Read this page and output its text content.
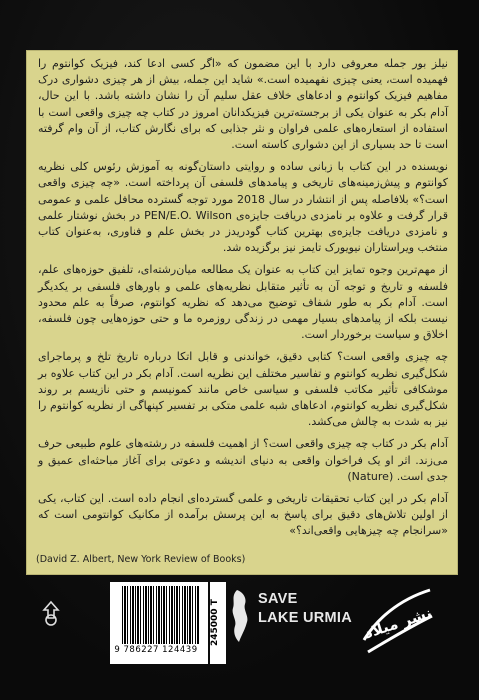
نیلز بور جمله معروفی دارد با این مضمون که «اگر کسی ادعا کند، فیزیک کوانتوم را فهمیده است، یعنی چیزی نفهمیده است.» شاید این جمله، بیش از هر چیزی دشواری درک مفاهیم فیزیک کوانتوم و ادعاهای خلاف عقل سلیم آن را نشان داشته باشد. با این حال، آدام بکر به عنوان یکی از برجسته‌ترین فیزیکدانان امروز در کتاب چه چیزی واقعی است با استفاده از استعاره‌های علمی فراوان و نثر جذابی که برای نگارش کتاب، از آن وام گرفته است تا حد بسیاری از این دشواری کاسته است.

نویسنده در این کتاب با زبانی ساده و روایتی داستان‌گونه به آموزش رئوس کلی نظریه کوانتوم و پیش‌زمینه‌های تاریخی و پیامدهای فلسفی آن پرداخته است. «چه چیزی واقعی است؟» بلافاصله پس از انتشار در سال 2018 مورد توجه گسترده محافل علمی و عمومی قرار گرفت و علاوه بر نامزدی دریافت جایزه‌ی PEN/E.O. Wilson در بخش نوشتار علمی و نامزدی دریافت جایزه‌ی بهترین کتاب گودریدز در بخش علم و فناوری، به‌عنوان کتاب منتخب ویراستاران نیویورک تایمز نیز برگزیده شد.

از مهم‌ترین وجوه تمایز این کتاب به عنوان یک مطالعه میان‌رشته‌ای، تلفیق حوزه‌های علم، فلسفه و تاریخ و توجه آن به تأثیر متقابل نظریه‌های علمی و باورهای فلسفی بر یکدیگر است. آدام بکر به طور شفاف توضیح می‌دهد که نظریه کوانتوم، صرفاً به علم محدود نیست بلکه از پیامدهای بسیار مهمی در زندگی روزمره ما و حتی حوزه‌هایی چون فلسفه، اخلاق و سیاست برخوردار است.

چه چیزی واقعی است؟ کتابی دقیق، خواندنی و قابل اتکا درباره تاریخ تلخ و پرماجرای شکل‌گیری نظریه کوانتوم و تفاسیر مختلف این نظریه است. آدام بکر در این کتاب علاوه بر موشکافی تأثیر مکاتب فلسفی و سیاسی خاص مانند کمونیسم و حتی نازیسم بر روند شکل‌گیری نظریه کوانتوم، ادعاهای شبه علمی متکی بر تفسیر کپنهاگی از نظریه کوانتوم را نیز به شدت به چالش می‌کشد.

آدام بکر در کتاب چه چیزی واقعی است؟ از اهمیت فلسفه در رشته‌های علوم طبیعی حرف می‌زند. اثر او یک فراخوان واقعی به دنیای اندیشه و دعوتی برای آغاز مباحثه‌ای عمیق و جدی است. (Nature)

آدام بکر در این کتاب تحقیقات تاریخی و علمی گسترده‌ای انجام داده است. این کتاب، یکی از اولین تلاش‌های دقیق برای پاسخ به این پرسش برآمده از مکانیک کوانتومی است که «سرانجام چه چیزهایی واقعی‌اند؟»

(David Z. Albert, New York Review of Books)
9 786227 124439
245000 T
SAVE
LAKE URMIA نشر میلاد
